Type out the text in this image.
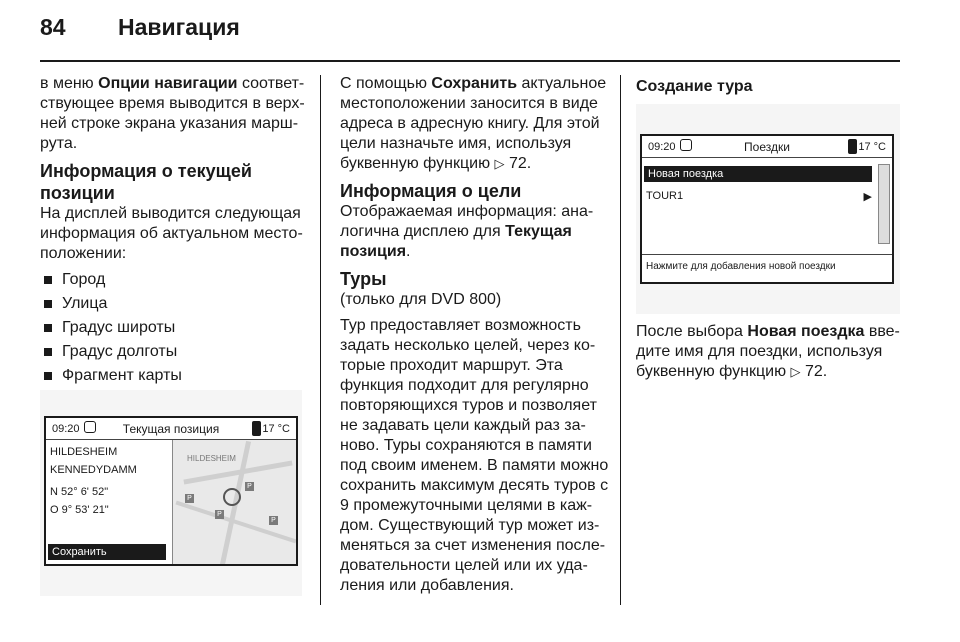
84 Навигация

в меню Опции навигации соответ-ствующее время выводится в верх-ней строке экрана указания марш-рута.

Информация о текущей позиции

На дисплей выводится следующая информация об актуальном место-положении:

Город
Улица
Градус широты
Градус долготы
Фрагмент карты
09:20	Текущая позиция	17 °C
HILDESHEIM
KENNEDYDAMM
N 52° 6' 52"
O 9° 53' 21"
Сохранить
HILDESHEIM
P
P
P
P

С помощью Сохранить актуальное местоположении заносится в виде адреса в адресную книгу. Для этой цели назначьте имя, используя буквенную функцию ▷ 72.

Информация о цели

Отображаемая информация: ана-логична дисплею для Текущая позиция.

Туры

(только для DVD 800)

Тур предоставляет возможность задать несколько целей, через ко-торые проходит маршрут. Эта функция подходит для регулярно повторяющихся туров и позволяет не задавать цели каждый раз за-ново. Туры сохраняются в памяти под своим именем. В памяти можно сохранить максимум десять туров с 9 промежуточными целями в каж-дом. Существующий тур может из-меняться за счет изменения после-довательности целей или их уда-ления или добавления.

Создание тура
09:20	Поездки	17 °C
Новая поездка
TOUR1	▶
Нажмите для добавления новой поездки

После выбора Новая поездка вве-дите имя для поездки, используя буквенную функцию ▷ 72.
